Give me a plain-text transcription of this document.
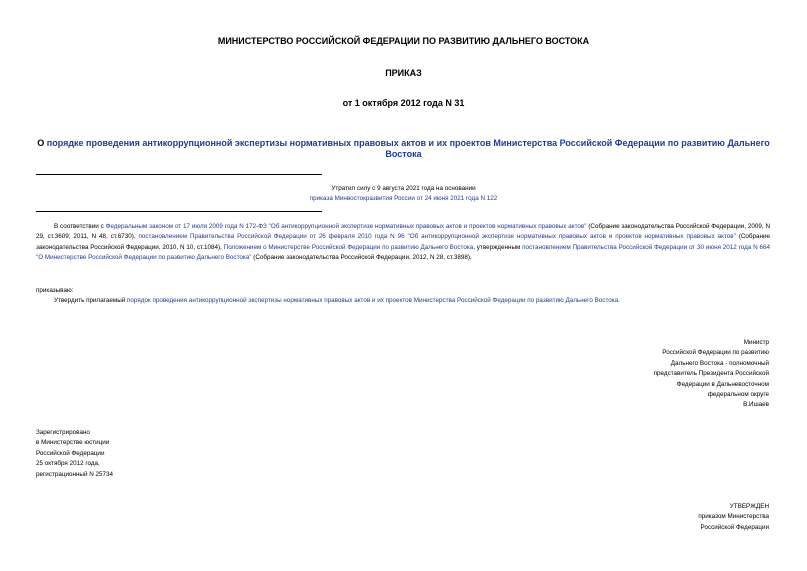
МИНИСТЕРСТВО РОССИЙСКОЙ ФЕДЕРАЦИИ ПО РАЗВИТИЮ ДАЛЬНЕГО ВОСТОКА
ПРИКАЗ
от 1 октября 2012 года N 31
О порядке проведения антикоррупционной экспертизы нормативных правовых актов и их проектов Министерства Российской Федерации по развитию Дальнего Востока
Утратил силу с 9 августа 2021 года на основании
приказа Минвостокразвития России от 24 июня 2021 года N 122
В соответствии с Федеральным законом от 17 июля 2009 года N 172-ФЗ "Об антикоррупционной экспертизе нормативных правовых актов и проектов нормативных правовых актов" (Собрание законодательства Российской Федерации, 2009, N 29, ст.3609; 2011, N 48, ст.6730), постановлением Правительства Российской Федерации от 26 февраля 2010 года N 96 "Об антикоррупционной экспертизе нормативных правовых актов и проектов нормативных правовых актов" (Собрание законодательства Российской Федерации, 2010, N 10, ст.1084), Положением о Министерстве Российской Федерации по развитию Дальнего Востока, утвержденным постановлением Правительства Российской Федерации от 30 июня 2012 года N 664 "О Министерстве Российской Федерации по развитию Дальнего Востока" (Собрание законодательства Российской Федерации, 2012, N 28, ст.3898),
приказываю:
Утвердить прилагаемый порядок проведения антикоррупционной экспертизы нормативных правовых актов и их проектов Министерства Российской Федерации по развитию Дальнего Востока.
Министр
Российской Федерации по развитию
Дальнего Востока - полномочный
представитель Президента Российской
Федерации в Дальневосточном
федеральном округе
В.Ишаев
Зарегистрировано
в Министерстве юстиции
Российской Федерации
25 октября 2012 года,
регистрационный N 25734
УТВЕРЖДЕН
приказом Министерства
Российской Федерации
